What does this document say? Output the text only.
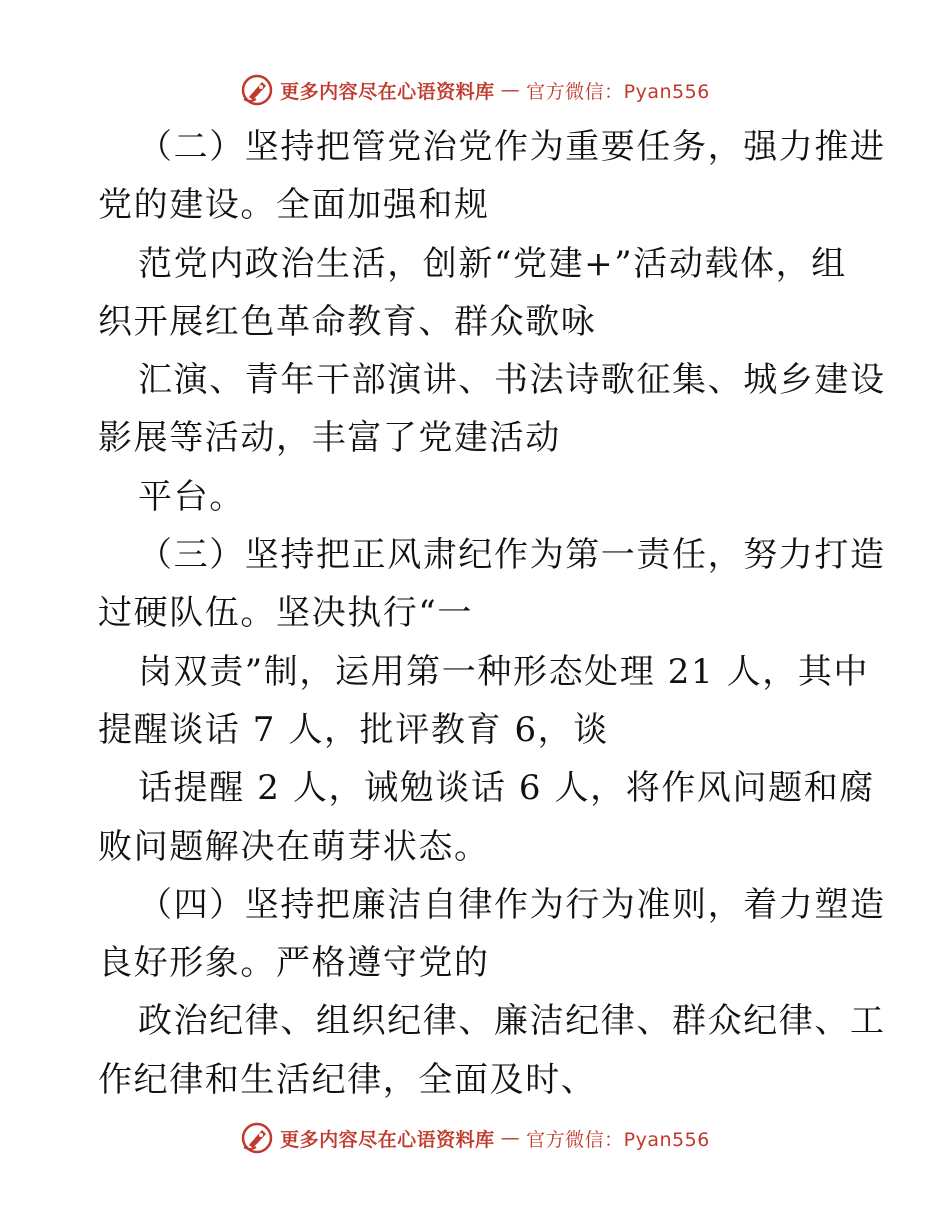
更多内容尽在心语资料库 — 官方微信：Pyan556
（二）坚持把管党治党作为重要任务，强力推进
党的建设。全面加强和规
范党内政治生活，创新“党建+”活动载体，组
织开展红色革命教育、群众歌咏
汇演、青年干部演讲、书法诗歌征集、城乡建设
影展等活动，丰富了党建活动
平台。
（三）坚持把正风肃纪作为第一责任，努力打造
过硬队伍。坚决执行“一
岗双责”制，运用第一种形态处理 21 人，其中
提醒谈话 7 人，批评教育 6，谈
话提醒 2 人，诫勉谈话 6 人，将作风问题和腐
败问题解决在萌芽状态。
（四）坚持把廉洁自律作为行为准则，着力塑造
良好形象。严格遵守党的
政治纪律、组织纪律、廉洁纪律、群众纪律、工
作纪律和生活纪律，全面及时、
更多内容尽在心语资料库 — 官方微信：Pyan556
